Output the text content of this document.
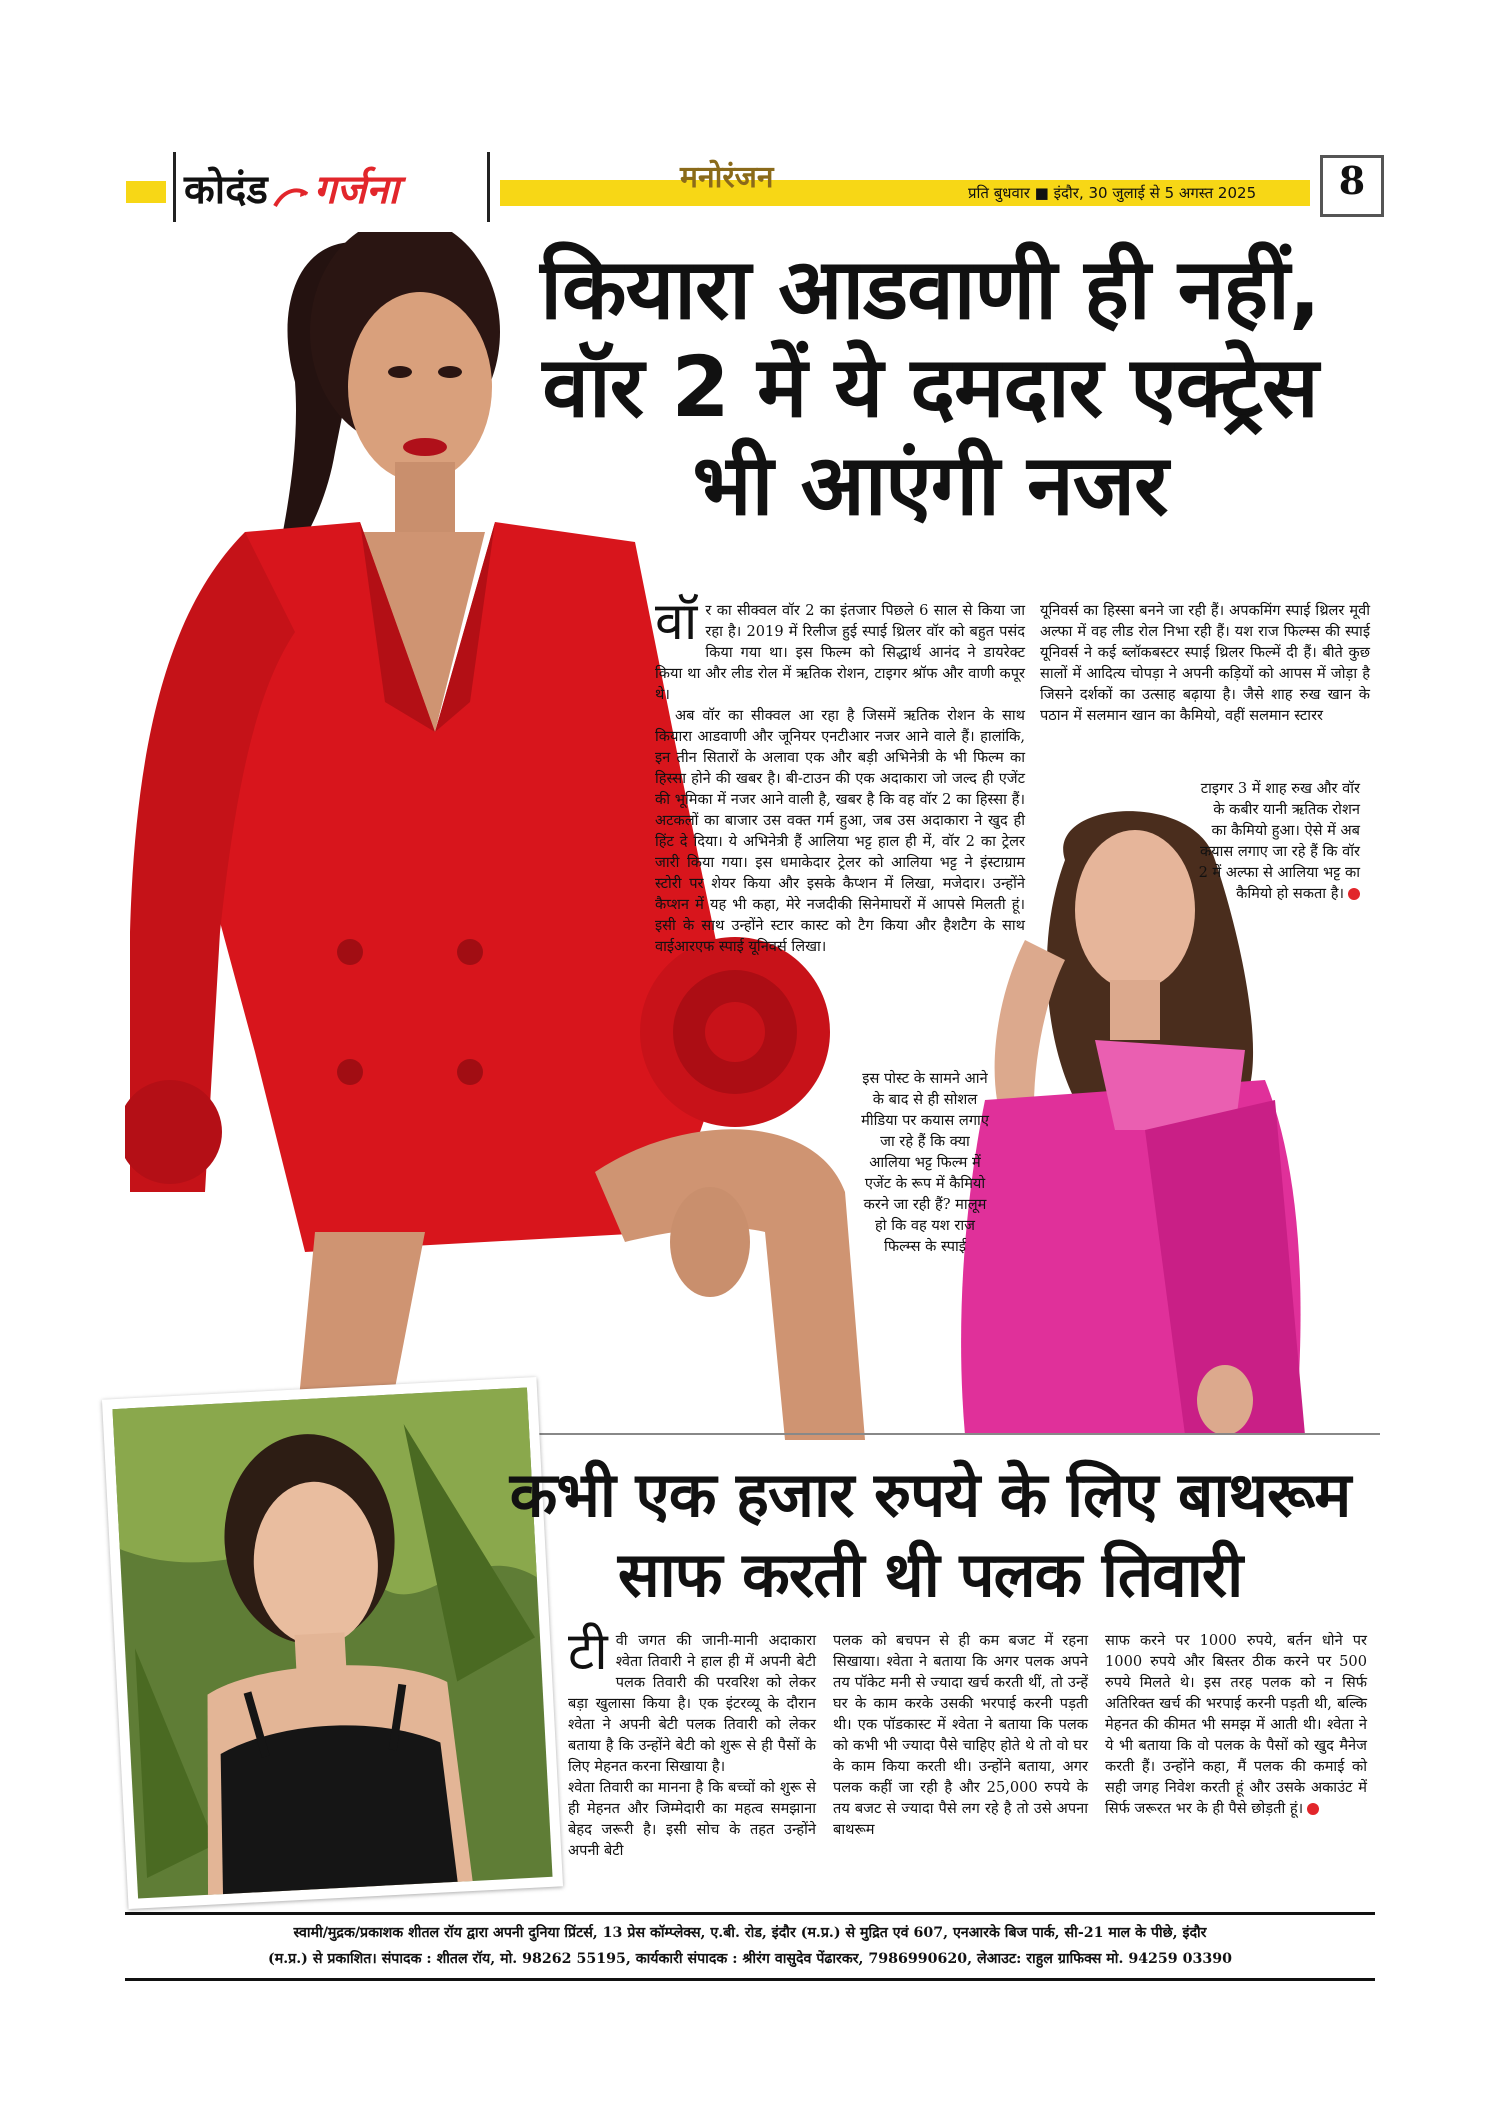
कोदंड गर्जना	मनोरंजन	प्रति बुधवार ■ इंदौर, 30 जुलाई से 5 अगस्त 2025	8
कियारा आडवाणी ही नहीं,
वॉर 2 में ये दमदार एक्ट्रेस
भी आएंगी नजर

वॉर का सीक्वल वॉर 2 का इंतजार पिछले 6 साल से किया जा रहा है। 2019 में रिलीज हुई स्पाई थ्रिलर वॉर को बहुत पसंद किया गया था। इस फिल्म को सिद्धार्थ आनंद ने डायरेक्ट किया था और लीड रोल में ऋतिक रोशन, टाइगर श्रॉफ और वाणी कपूर थे।

अब वॉर का सीक्वल आ रहा है जिसमें ऋतिक रोशन के साथ कियारा आडवाणी और जूनियर एनटीआर नजर आने वाले हैं। हालांकि, इन तीन सितारों के अलावा एक और बड़ी अभिनेत्री के भी फिल्म का हिस्सा होने की खबर है। बी-टाउन की एक अदाकारा जो जल्द ही एजेंट की भूमिका में नजर आने वाली है, खबर है कि वह वॉर 2 का हिस्सा हैं। अटकलों का बाजार उस वक्त गर्म हुआ, जब उस अदाकारा ने खुद ही हिंट दे दिया। ये अभिनेत्री हैं आलिया भट्ट हाल ही में, वॉर 2 का ट्रेलर जारी किया गया। इस धमाकेदार ट्रेलर को आलिया भट्ट ने इंस्टाग्राम स्टोरी पर शेयर किया और इसके कैप्शन में लिखा, मजेदार। उन्होंने कैप्शन में यह भी कहा, मेरे नजदीकी सिनेमाघरों में आपसे मिलती हूं। इसी के साथ उन्होंने स्टार कास्ट को टैग किया और हैशटैग के साथ वाईआरएफ स्पाई यूनिवर्स लिखा।

इस पोस्ट के सामने आने के बाद से ही सोशल मीडिया पर कयास लगाए जा रहे हैं कि क्या आलिया भट्ट फिल्म में एजेंट के रूप में कैमियो करने जा रही हैं? मालूम हो कि वह यश राज फिल्म्स के स्पाई
यूनिवर्स का हिस्सा बनने जा रही हैं। अपकमिंग स्पाई थ्रिलर मूवी अल्फा में वह लीड रोल निभा रही हैं। यश राज फिल्म्स की स्पाई यूनिवर्स ने कई ब्लॉकबस्टर स्पाई थ्रिलर फिल्में दी हैं। बीते कुछ सालों में आदित्य चोपड़ा ने अपनी कड़ियों को आपस में जोड़ा है जिसने दर्शकों का उत्साह बढ़ाया है। जैसे शाह रुख खान के पठान में सलमान खान का कैमियो, वहीं सलमान स्टारर
टाइगर 3 में शाह रुख और वॉर के कबीर यानी ऋतिक रोशन का कैमियो हुआ। ऐसे में अब कयास लगाए जा रहे हैं कि वॉर 2 में अल्फा से आलिया भट्ट का कैमियो हो सकता है।
कभी एक हजार रुपये के लिए बाथरूम
साफ करती थी पलक तिवारी

टीवी जगत की जानी-मानी अदाकारा श्वेता तिवारी ने हाल ही में अपनी बेटी पलक तिवारी की परवरिश को लेकर बड़ा खुलासा किया है। एक इंटरव्यू के दौरान श्वेता ने अपनी बेटी पलक तिवारी को लेकर बताया है कि उन्होंने बेटी को शुरू से ही पैसों के लिए मेहनत करना सिखाया है।

श्वेता तिवारी का मानना है कि बच्चों को शुरू से ही मेहनत और जिम्मेदारी का महत्व समझाना बेहद जरूरी है। इसी सोच के तहत उन्होंने अपनी बेटी

पलक को बचपन से ही कम बजट में रहना सिखाया। श्वेता ने बताया कि अगर पलक अपने तय पॉकेट मनी से ज्यादा खर्च करती थीं, तो उन्हें घर के काम करके उसकी भरपाई करनी पड़ती थी। एक पॉडकास्ट में श्वेता ने बताया कि पलक को कभी भी ज्यादा पैसे चाहिए होते थे तो वो घर के काम किया करती थी। उन्होंने बताया, अगर पलक कहीं जा रही है और 25,000 रुपये के तय बजट से ज्यादा पैसे लग रहे है तो उसे अपना बाथरूम
साफ करने पर 1000 रुपये, बर्तन धोने पर 1000 रुपये और बिस्तर ठीक करने पर 500 रुपये मिलते थे। इस तरह पलक को न सिर्फ अतिरिक्त खर्च की भरपाई करनी पड़ती थी, बल्कि मेहनत की कीमत भी समझ में आती थी। श्वेता ने ये भी बताया कि वो पलक के पैसों को खुद मैनेज करती हैं। उन्होंने कहा, मैं पलक की कमाई को सही जगह निवेश करती हूं और उसके अकाउंट में सिर्फ जरूरत भर के ही पैसे छोड़ती हूं।
स्वामी/मुद्रक/प्रकाशक शीतल रॉय द्वारा अपनी दुनिया प्रिंटर्स, 13 प्रेस कॉम्प्लेक्स, ए.बी. रोड, इंदौर (म.प्र.) से मुद्रित एवं 607, एनआरके बिज पार्क, सी-21 माल के पीछे, इंदौर
(म.प्र.) से प्रकाशित। संपादक : शीतल रॉय, मो. 98262 55195, कार्यकारी संपादक : श्रीरंग वासुदेव पेंढारकर, 7986990620, लेआउट: राहुल ग्राफिक्स मो. 94259 03390
